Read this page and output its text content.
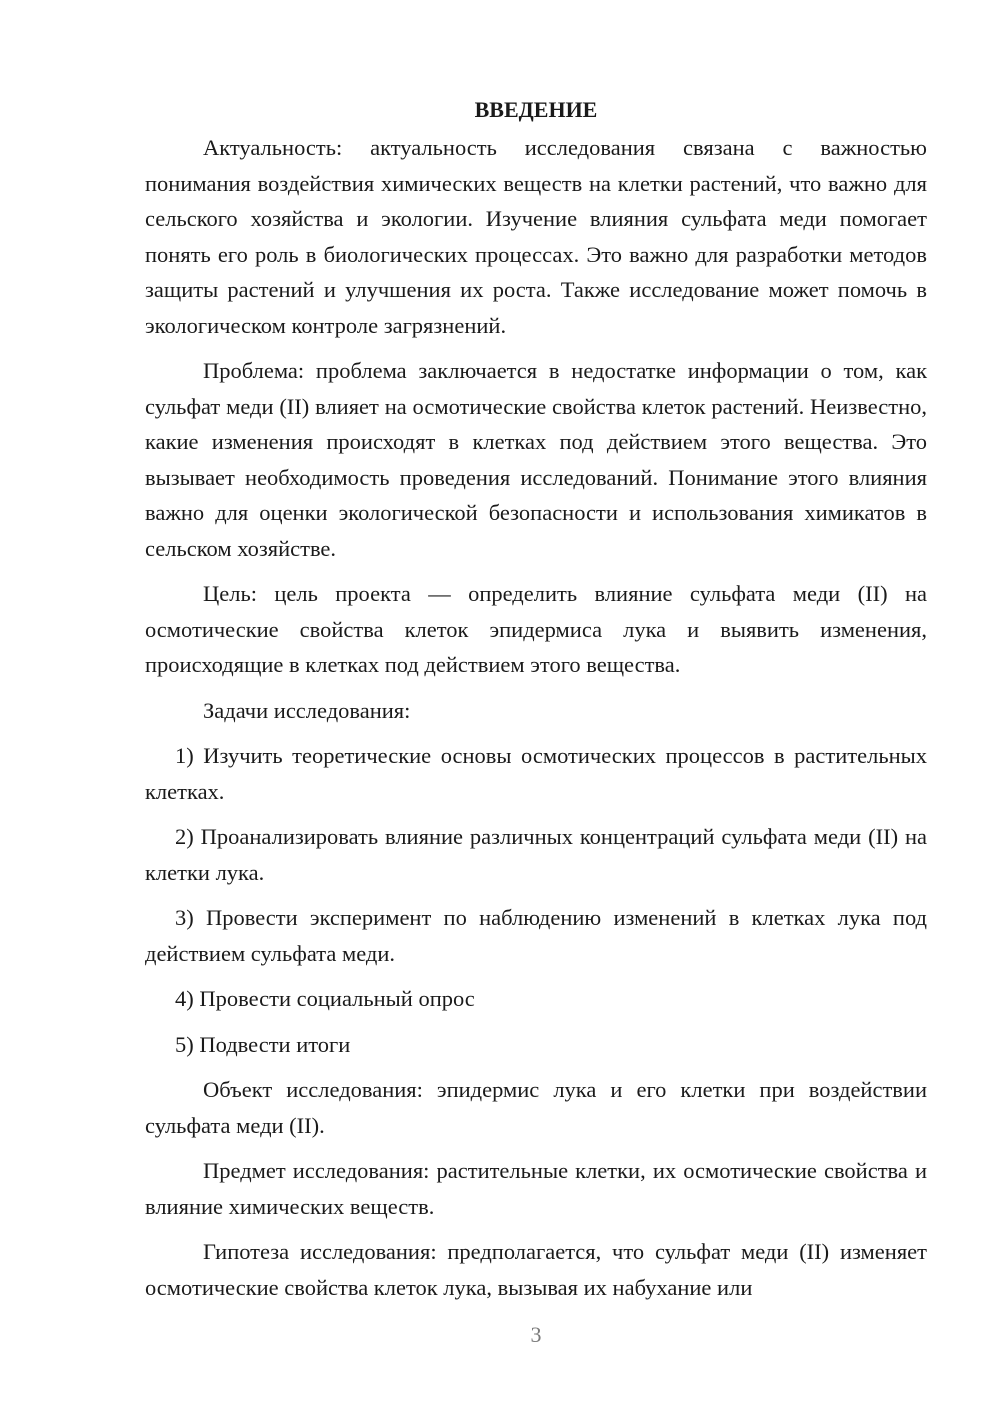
ВВЕДЕНИЕ

Актуальность: актуальность исследования связана с важностью понимания воздействия химических веществ на клетки растений, что важно для сельского хозяйства и экологии. Изучение влияния сульфата меди помогает понять его роль в биологических процессах. Это важно для разработки методов защиты растений и улучшения их роста. Также исследование может помочь в экологическом контроле загрязнений.

Проблема: проблема заключается в недостатке информации о том, как сульфат меди (II) влияет на осмотические свойства клеток растений. Неизвестно, какие изменения происходят в клетках под действием этого вещества. Это вызывает необходимость проведения исследований. Понимание этого влияния важно для оценки экологической безопасности и использования химикатов в сельском хозяйстве.

Цель: цель проекта — определить влияние сульфата меди (II) на осмотические свойства клеток эпидермиса лука и выявить изменения, происходящие в клетках под действием этого вещества.

Задачи исследования:

1) Изучить теоретические основы осмотических процессов в растительных клетках.

2) Проанализировать влияние различных концентраций сульфата меди (II) на клетки лука.

3) Провести эксперимент по наблюдению изменений в клетках лука под действием сульфата меди.

4) Провести социальный опрос

5) Подвести итоги

Объект исследования: эпидермис лука и его клетки при воздействии сульфата меди (II).

Предмет исследования: растительные клетки, их осмотические свойства и влияние химических веществ.

Гипотеза исследования: предполагается, что сульфат меди (II) изменяет осмотические свойства клеток лука, вызывая их набухание или

3
